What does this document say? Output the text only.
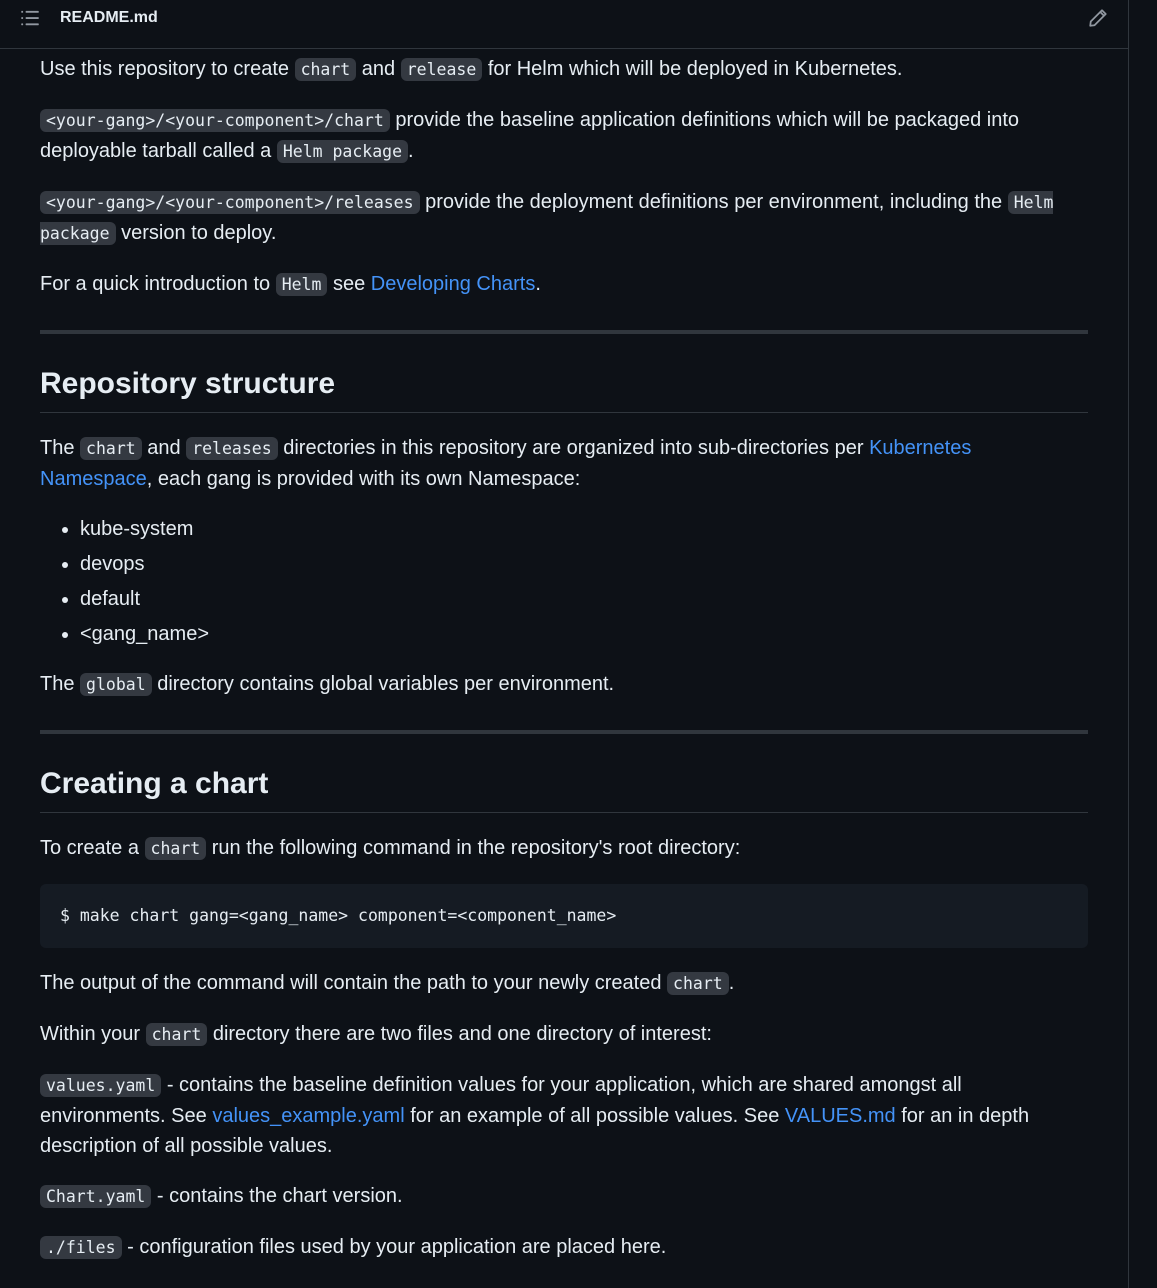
README.md

Use this repository to create chart and release for Helm which will be deployed in Kubernetes.

<your-gang>/<your-component>/chart provide the baseline application definitions which will be packaged into deployable tarball called a Helm package .

<your-gang>/<your-component>/releases provide the deployment definitions per environment, including the Helm package version to deploy.

For a quick introduction to Helm see Developing Charts.

Repository structure

The chart and releases directories in this repository are organized into sub-directories per Kubernetes Namespace, each gang is provided with its own Namespace:

• kube-system
• devops
• default
• <gang_name>

The global directory contains global variables per environment.

Creating a chart

To create a chart run the following command in the repository's root directory:

$ make chart gang=<gang_name> component=<component_name>

The output of the command will contain the path to your newly created chart .

Within your chart directory there are two files and one directory of interest:

values.yaml - contains the baseline definition values for your application, which are shared amongst all environments. See values_example.yaml for an example of all possible values. See VALUES.md for an in depth description of all possible values.

Chart.yaml - contains the chart version.

./files - configuration files used by your application are placed here.
